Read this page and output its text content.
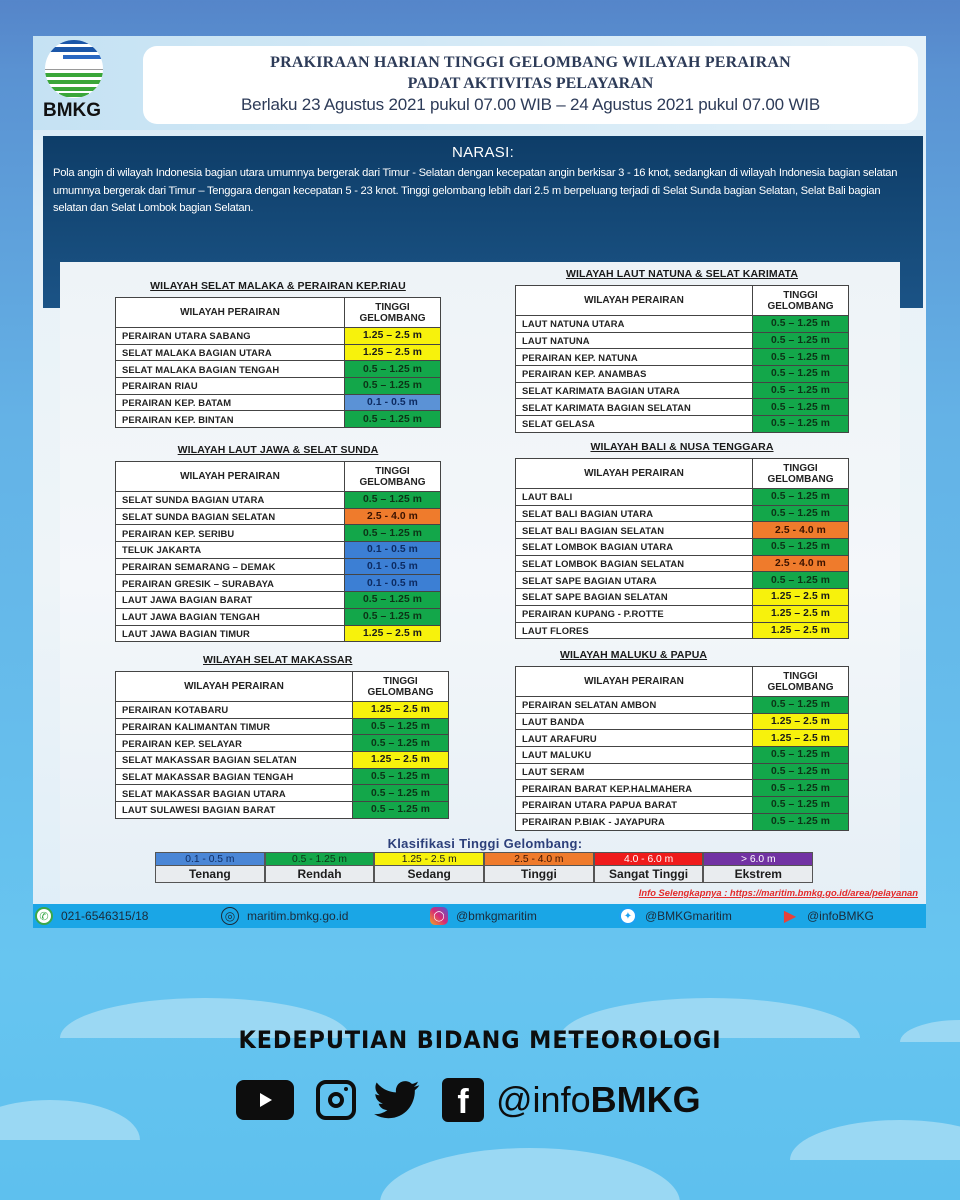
BMKG
PRAKIRAAN HARIAN TINGGI GELOMBANG WILAYAH PERAIRAN
PADAT AKTIVITAS PELAYARAN
Berlaku 23 Agustus 2021 pukul 07.00 WIB – 24 Agustus 2021 pukul 07.00 WIB
NARASI:
Pola angin di wilayah Indonesia bagian utara umumnya bergerak dari Timur - Selatan dengan kecepatan angin berkisar 3 - 16 knot, sedangkan di wilayah Indonesia bagian selatan umumnya bergerak dari Timur – Tenggara dengan kecepatan 5 - 23 knot. Tinggi gelombang lebih dari 2.5 m berpeluang terjadi di Selat Sunda bagian Selatan, Selat Bali bagian selatan dan Selat Lombok bagian Selatan.
WILAYAH SELAT MALAKA & PERAIRAN KEP.RIAU
WILAYAH PERAIRAN	TINGGI
GELOMBANG

PERAIRAN UTARA SABANG	1.25 – 2.5 m
SELAT MALAKA BAGIAN UTARA	1.25 – 2.5 m
SELAT MALAKA BAGIAN TENGAH	0.5 – 1.25 m
PERAIRAN RIAU	0.5 – 1.25 m
PERAIRAN KEP. BATAM	0.1 - 0.5 m
PERAIRAN KEP. BINTAN	0.5 – 1.25 m
WILAYAH LAUT JAWA & SELAT SUNDA
WILAYAH PERAIRAN	TINGGI
GELOMBANG

SELAT SUNDA BAGIAN UTARA	0.5 – 1.25 m
SELAT SUNDA BAGIAN SELATAN	2.5 - 4.0 m
PERAIRAN KEP. SERIBU	0.5 – 1.25 m
TELUK JAKARTA	0.1 - 0.5 m
PERAIRAN SEMARANG – DEMAK	0.1 - 0.5 m
PERAIRAN GRESIK – SURABAYA	0.1 - 0.5 m
LAUT JAWA BAGIAN BARAT	0.5 – 1.25 m
LAUT JAWA BAGIAN TENGAH	0.5 – 1.25 m
LAUT JAWA BAGIAN TIMUR	1.25 – 2.5 m
WILAYAH SELAT MAKASSAR
WILAYAH PERAIRAN	TINGGI
GELOMBANG

PERAIRAN KOTABARU	1.25 – 2.5 m
PERAIRAN KALIMANTAN TIMUR	0.5 – 1.25 m
PERAIRAN KEP. SELAYAR	0.5 – 1.25 m
SELAT MAKASSAR BAGIAN SELATAN	1.25 – 2.5 m
SELAT MAKASSAR BAGIAN TENGAH	0.5 – 1.25 m
SELAT MAKASSAR BAGIAN UTARA	0.5 – 1.25 m
LAUT SULAWESI BAGIAN BARAT	0.5 – 1.25 m
WILAYAH LAUT NATUNA & SELAT KARIMATA
WILAYAH PERAIRAN	TINGGI
GELOMBANG

LAUT NATUNA UTARA	0.5 – 1.25 m
LAUT NATUNA	0.5 – 1.25 m
PERAIRAN KEP. NATUNA	0.5 – 1.25 m
PERAIRAN KEP. ANAMBAS	0.5 – 1.25 m
SELAT KARIMATA BAGIAN UTARA	0.5 – 1.25 m
SELAT KARIMATA BAGIAN SELATAN	0.5 – 1.25 m
SELAT GELASA	0.5 – 1.25 m
WILAYAH BALI & NUSA TENGGARA
WILAYAH PERAIRAN	TINGGI
GELOMBANG

LAUT BALI	0.5 – 1.25 m
SELAT BALI BAGIAN UTARA	0.5 – 1.25 m
SELAT BALI BAGIAN SELATAN	2.5 - 4.0 m
SELAT LOMBOK BAGIAN UTARA	0.5 – 1.25 m
SELAT LOMBOK BAGIAN SELATAN	2.5 - 4.0 m
SELAT SAPE BAGIAN UTARA	0.5 – 1.25 m
SELAT SAPE BAGIAN SELATAN	1.25 – 2.5 m
PERAIRAN KUPANG - P.ROTTE	1.25 – 2.5 m
LAUT FLORES	1.25 – 2.5 m
WILAYAH MALUKU & PAPUA
WILAYAH PERAIRAN	TINGGI
GELOMBANG

PERAIRAN SELATAN AMBON	0.5 – 1.25 m
LAUT BANDA	1.25 – 2.5 m
LAUT ARAFURU	1.25 – 2.5 m
LAUT MALUKU	0.5 – 1.25 m
LAUT SERAM	0.5 – 1.25 m
PERAIRAN BARAT KEP.HALMAHERA	0.5 – 1.25 m
PERAIRAN UTARA PAPUA BARAT	0.5 – 1.25 m
PERAIRAN P.BIAK - JAYAPURA	0.5 – 1.25 m
Klasifikasi Tinggi Gelombang:
0.1 - 0.5 m	0.5 - 1.25 m	1.25 - 2.5 m	2.5 - 4.0 m	4.0 - 6.0 m	> 6.0 m
Tenang	Rendah	Sedang	Tinggi	Sangat Tinggi	Ekstrem
Info Selengkapnya : https://maritim.bmkg.go.id/area/pelayanan
✆	021-6546315/18	◎ maritim.bmkg.go.id	◯ @bmkgmaritim	✦	@BMKGmaritim	▶ @infoBMKG
KEDEPUTIAN BIDANG METEOROLOGI
f @infoBMKG
